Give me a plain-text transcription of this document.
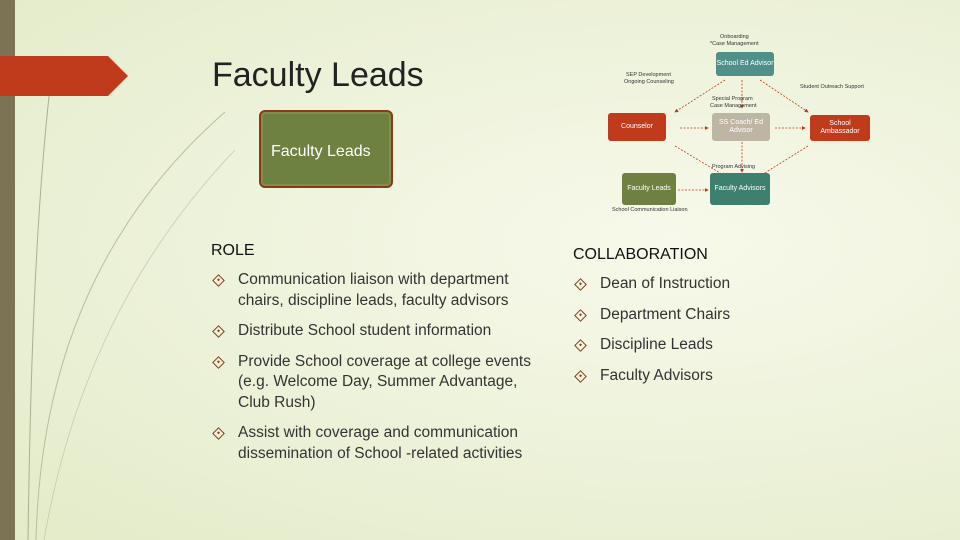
Faculty Leads
Faculty Leads
Onboarding
*Case Management
School Ed Advisor
SEP Development
Ongoing Counseling
Student Outreach Support
Special Program
Case Management
Counselor
SS Coach/ Ed Advisor
School Ambassador
Program Advising
Faculty Leads	Faculty Advisors
School Communication Liaison
ROLE
Communication liaison with department chairs, discipline leads, faculty advisors
Distribute School student information
Provide School coverage at college events (e.g. Welcome Day, Summer Advantage, Club Rush)
Assist with coverage and communication dissemination of School -related activities
COLLABORATION
Dean of Instruction
Department Chairs
Discipline Leads
Faculty Advisors
